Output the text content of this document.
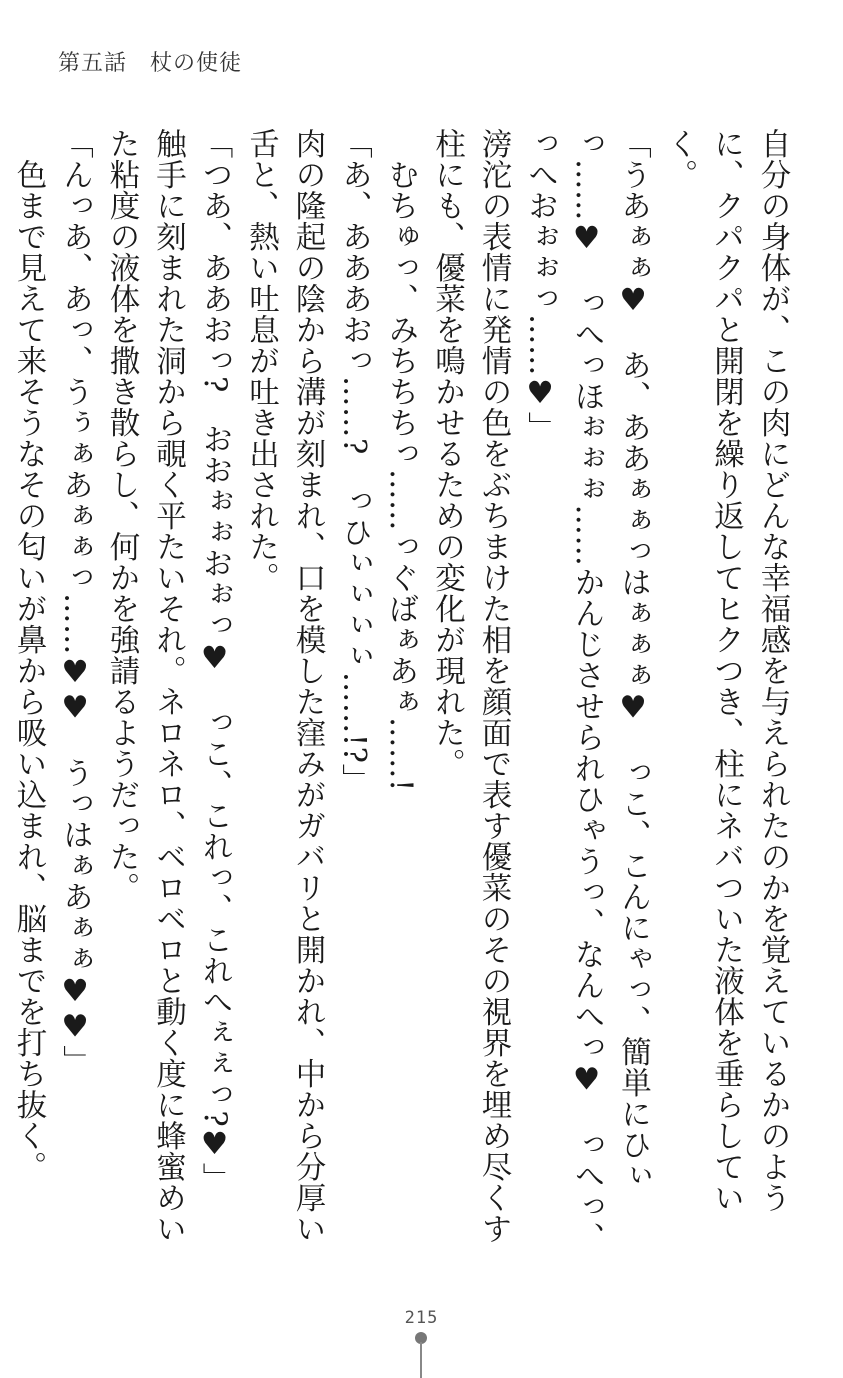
第五話　杖の使徒

自分の身体が、この肉にどんな幸福感を与えられたのかを覚えているかのように、クパクパと開閉を繰り返してヒクつき、柱にネバついた液体を垂らしていく。

「うあぁぁ♥　あ、ああぁぁっはぁぁぁ♥　っこ、こんにゃっ、簡単にひぃっ……♥　っへっほぉぉぉ……かんじさせられひゃうっ、なんへっ♥　っへっ、っへおぉぉっ……♥」

滂沱の表情に発情の色をぶちまけた相を顔面で表す優菜のその視界を埋め尽くす柱にも、優菜を鳴かせるための変化が現れた。

むちゅっ、みちちちっ……っぐばぁあぁ……!

「あ、あああおっ……?　っひぃぃぃぃ……!?」

肉の隆起の陰から溝が刻まれ、口を模した窪みがガバリと開かれ、中から分厚い舌と、熱い吐息が吐き出された。

「つあ、ああおっ?　おおぉぉおぉっ♥　っこ、これっ、これへぇぇっ?♥」

触手に刻まれた洞から覗く平たいそれ。ネロネロ、ベロベロと動く度に蜂蜜めいた粘度の液体を撒き散らし、何かを強請るようだった。

「んっあ、あっ、うぅぁあぁぁっ……♥♥　うっはぁあぁぁ♥♥」

色まで見えて来そうなその匂いが鼻から吸い込まれ、脳までを打ち抜く。

215
